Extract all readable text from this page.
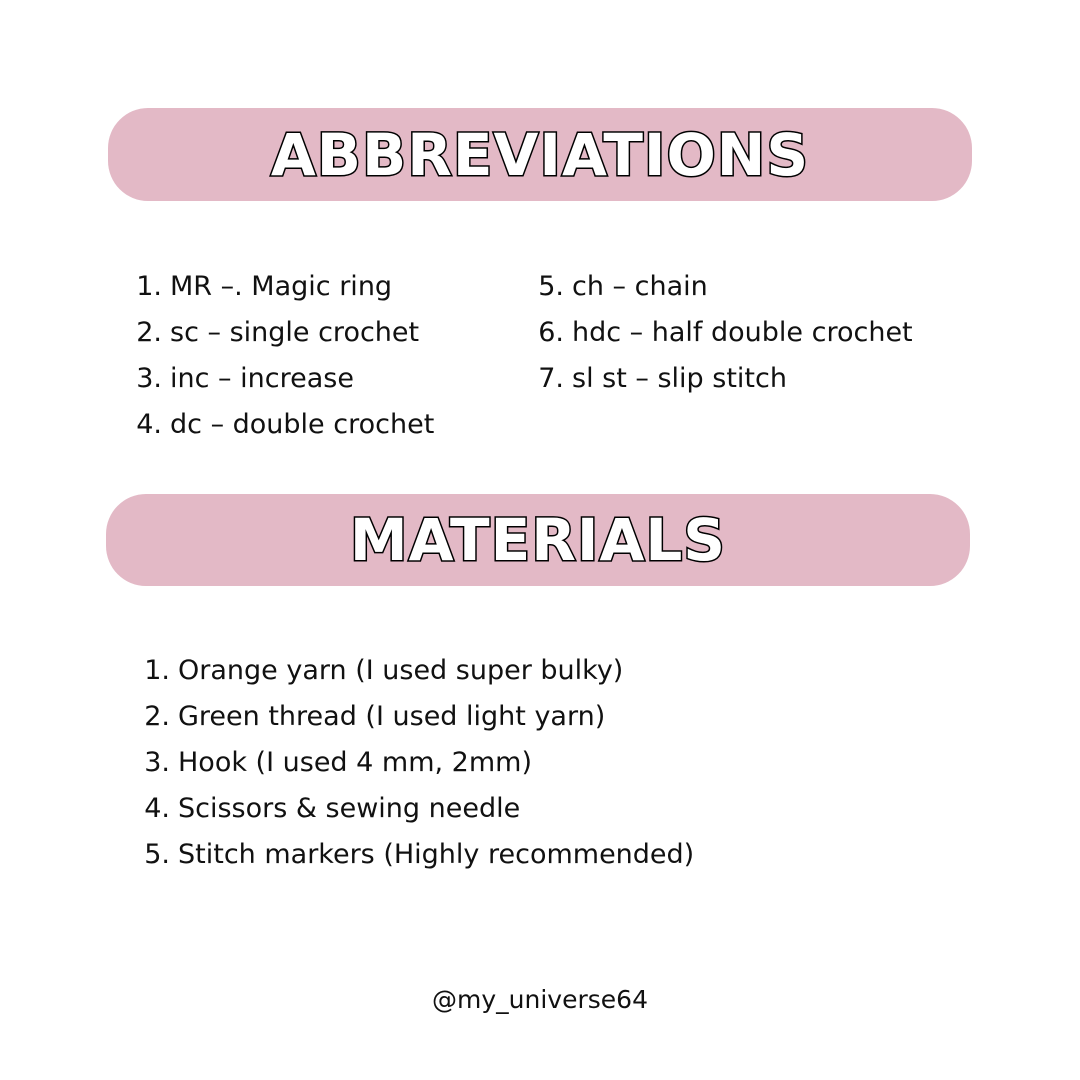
ABBREVIATIONS
1. MR –. Magic ring
2. sc – single crochet
3. inc – increase
4. dc – double crochet
5. ch – chain
6. hdc – half double crochet
7. sl st – slip stitch
MATERIALS
1. Orange yarn (I used super bulky)
2. Green thread (I used light yarn)
3. Hook (I used 4 mm, 2mm)
4. Scissors & sewing needle
5. Stitch markers (Highly recommended)
@my_universe64
